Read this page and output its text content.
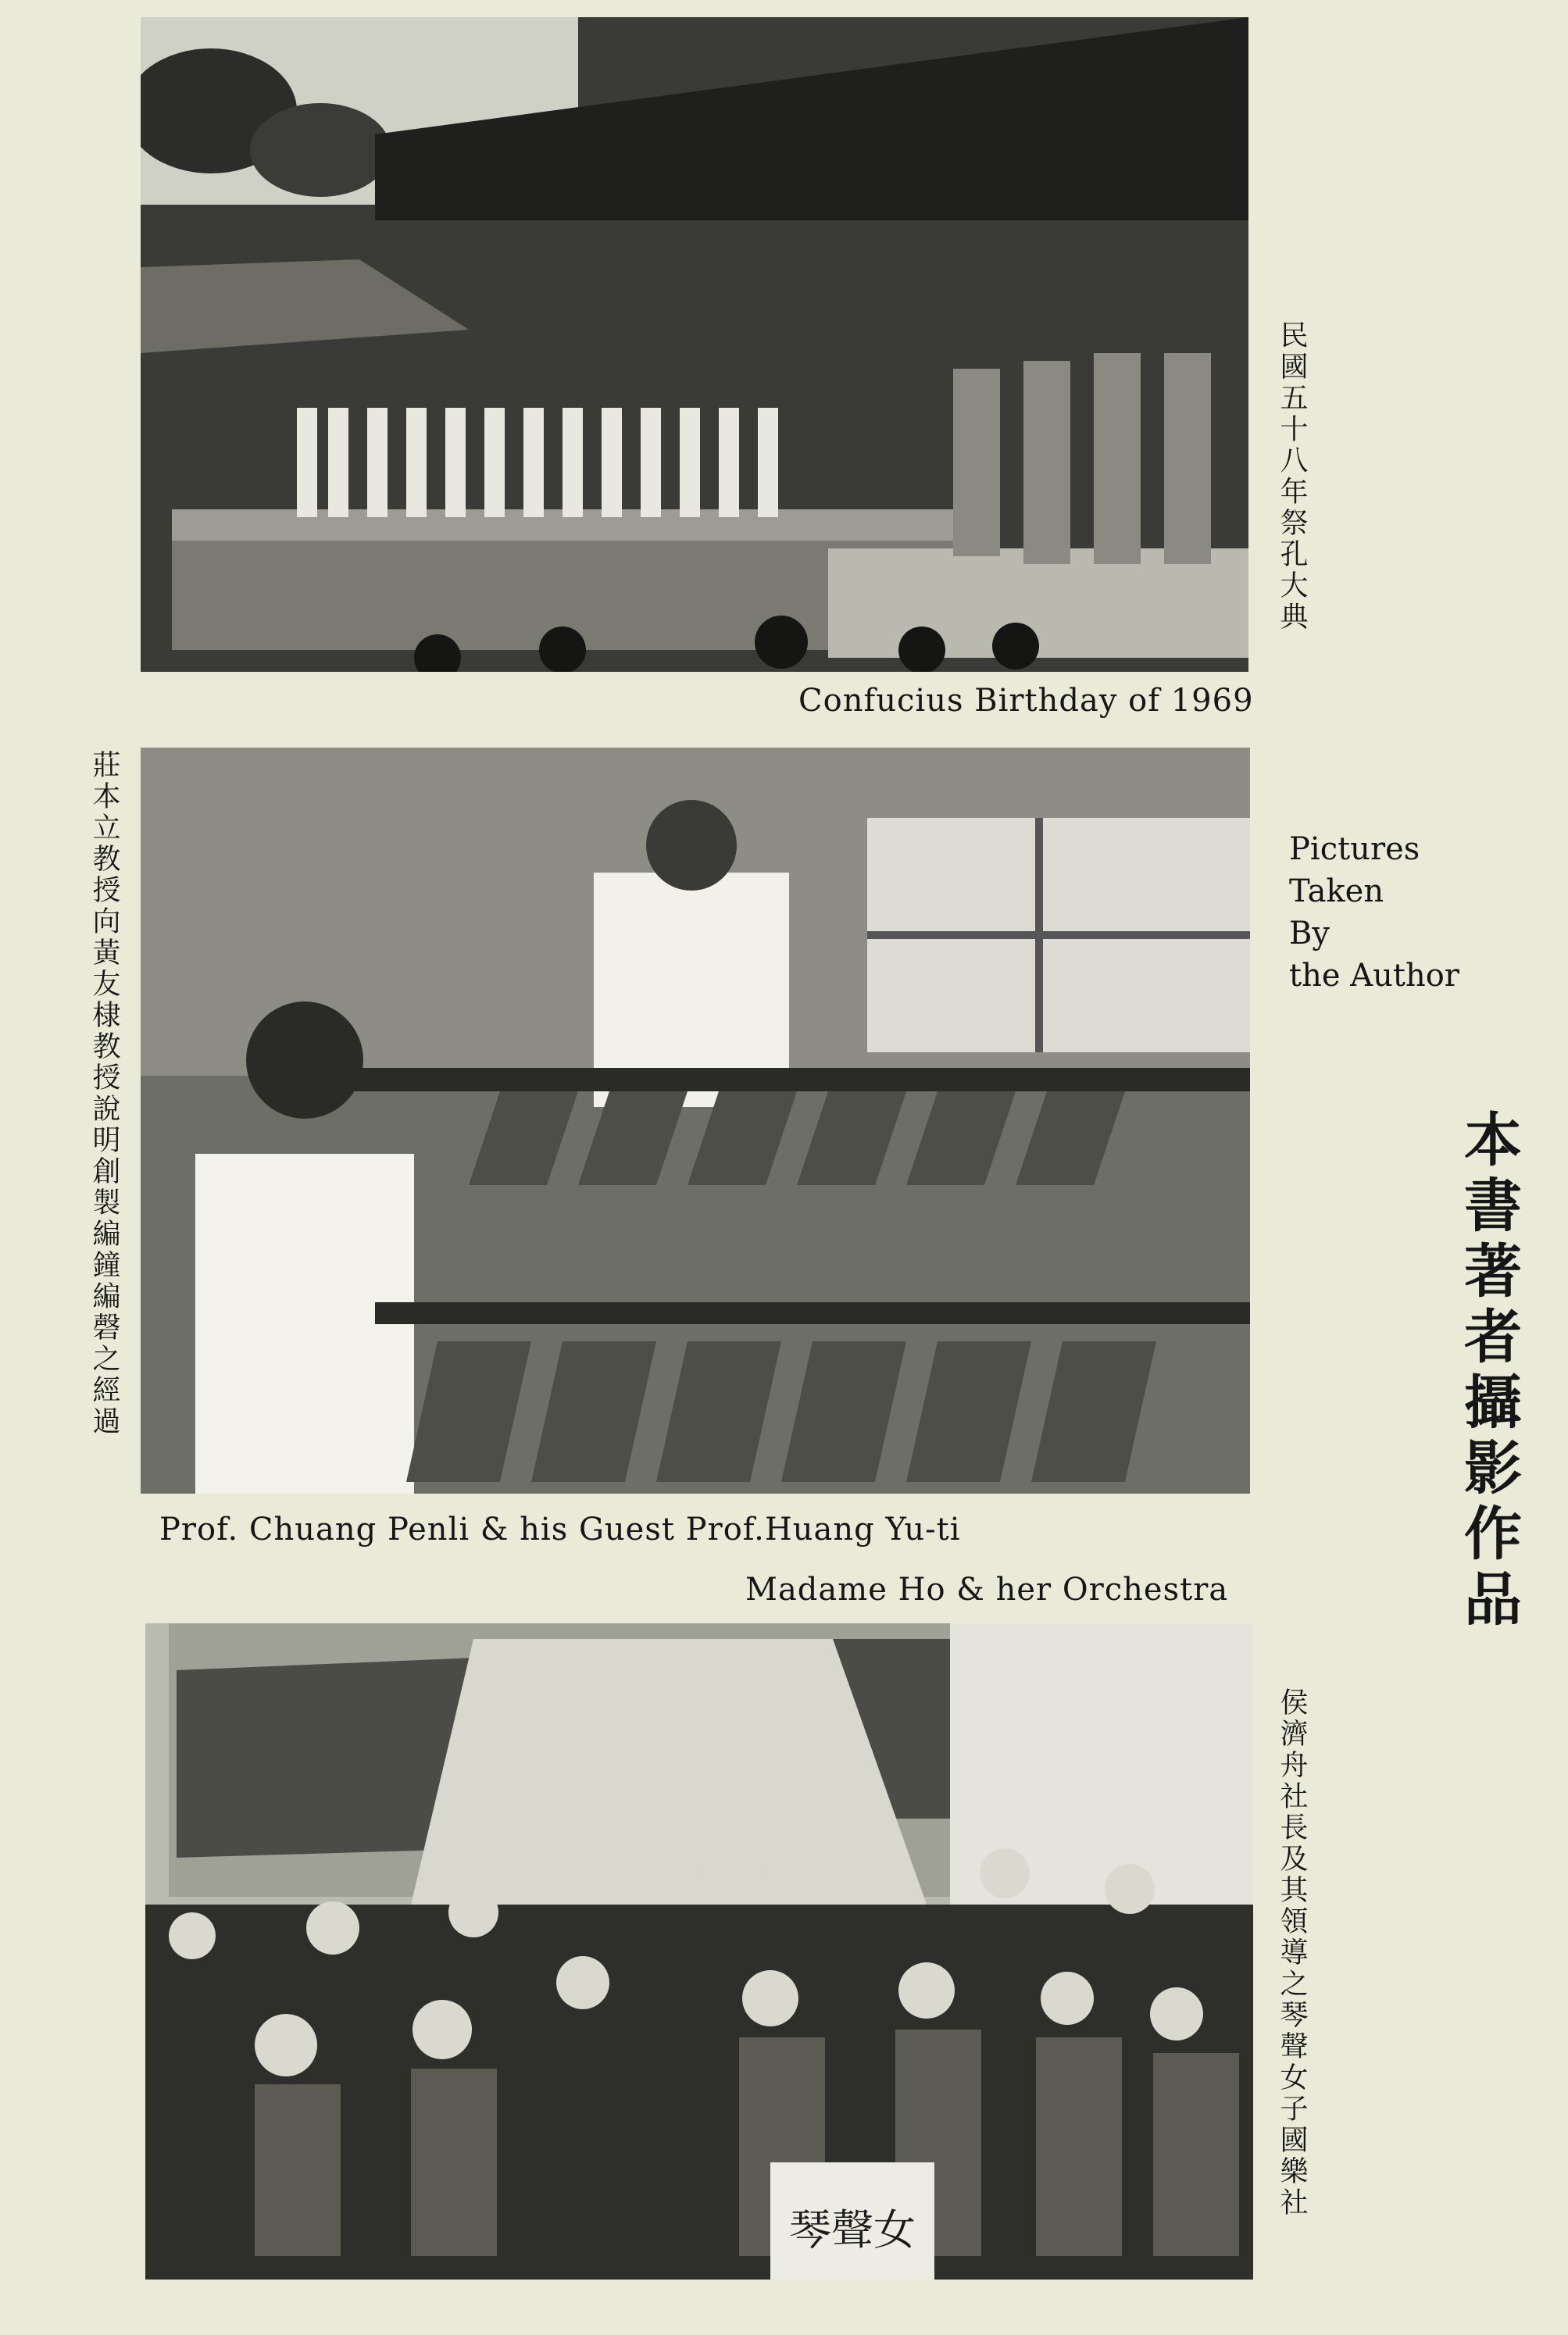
Confucius Birthday of 1969
民國五十八年祭孔大典
Prof. Chuang Penli & his Guest Prof.Huang Yu-ti
莊本立教授向黃友棣教授說明創製編鐘編磬之經過	Pictures
Taken
By
the Author
本書著者攝影作品
Madame Ho & her Orchestra
琴聲女
侯濟舟社長及其領導之琴聲女子國樂社
